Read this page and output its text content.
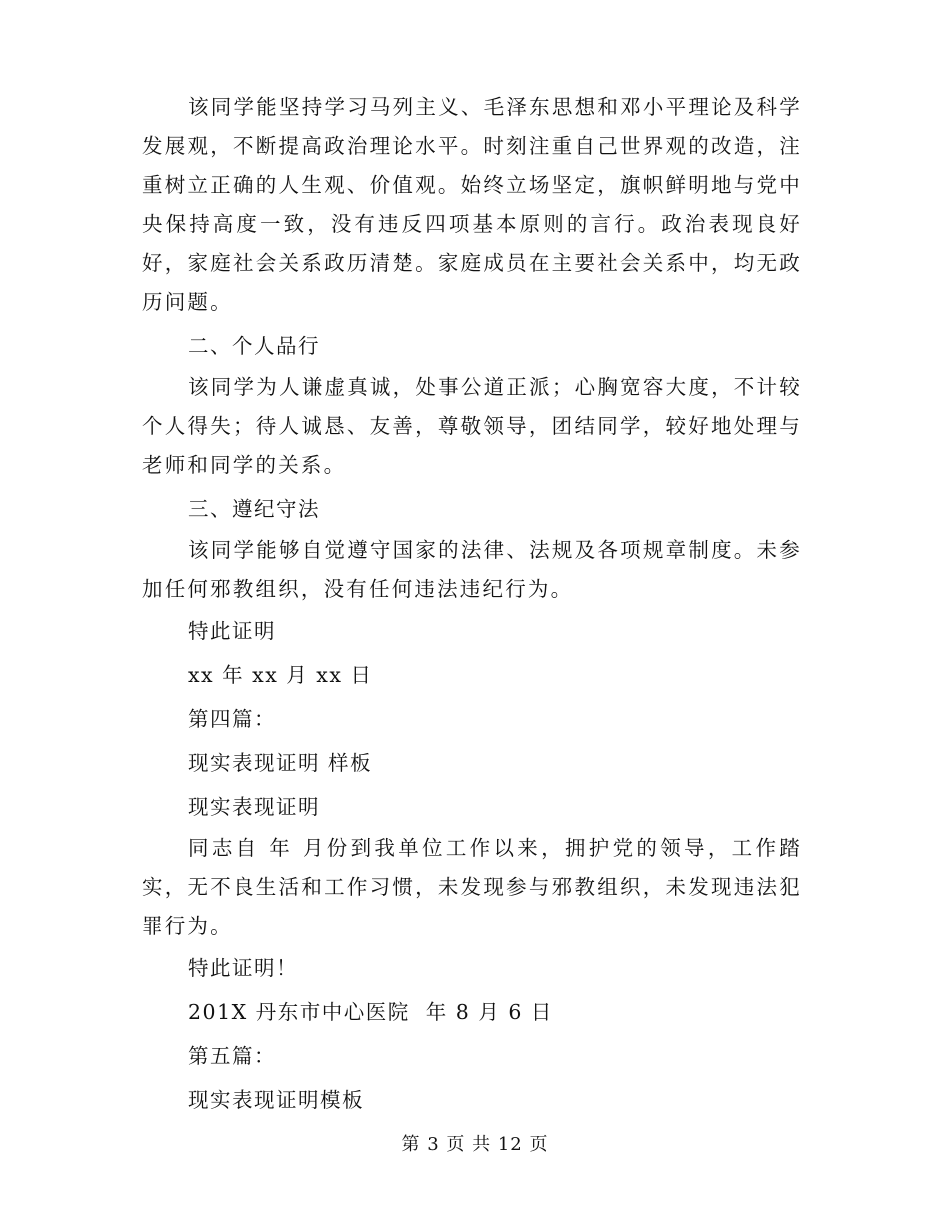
该同学能坚持学习马列主义、毛泽东思想和邓小平理论及科学发展观，不断提高政治理论水平。时刻注重自己世界观的改造，注重树立正确的人生观、价值观。始终立场坚定，旗帜鲜明地与党中央保持高度一致，没有违反四项基本原则的言行。政治表现良好好，家庭社会关系政历清楚。家庭成员在主要社会关系中，均无政历问题。

二、个人品行

该同学为人谦虚真诚，处事公道正派；心胸宽容大度，不计较个人得失；待人诚恳、友善，尊敬领导，团结同学，较好地处理与老师和同学的关系。

三、遵纪守法

该同学能够自觉遵守国家的法律、法规及各项规章制度。未参加任何邪教组织，没有任何违法违纪行为。

特此证明

xx 年 xx 月 xx 日

第四篇：

现实表现证明 样板

现实表现证明

同志自 年 月份到我单位工作以来，拥护党的领导，工作踏实，无不良生活和工作习惯，未发现参与邪教组织，未发现违法犯罪行为。

特此证明！

201X 丹东市中心医院  年 8 月 6 日

第五篇：

现实表现证明模板

第 3 页 共 12 页
